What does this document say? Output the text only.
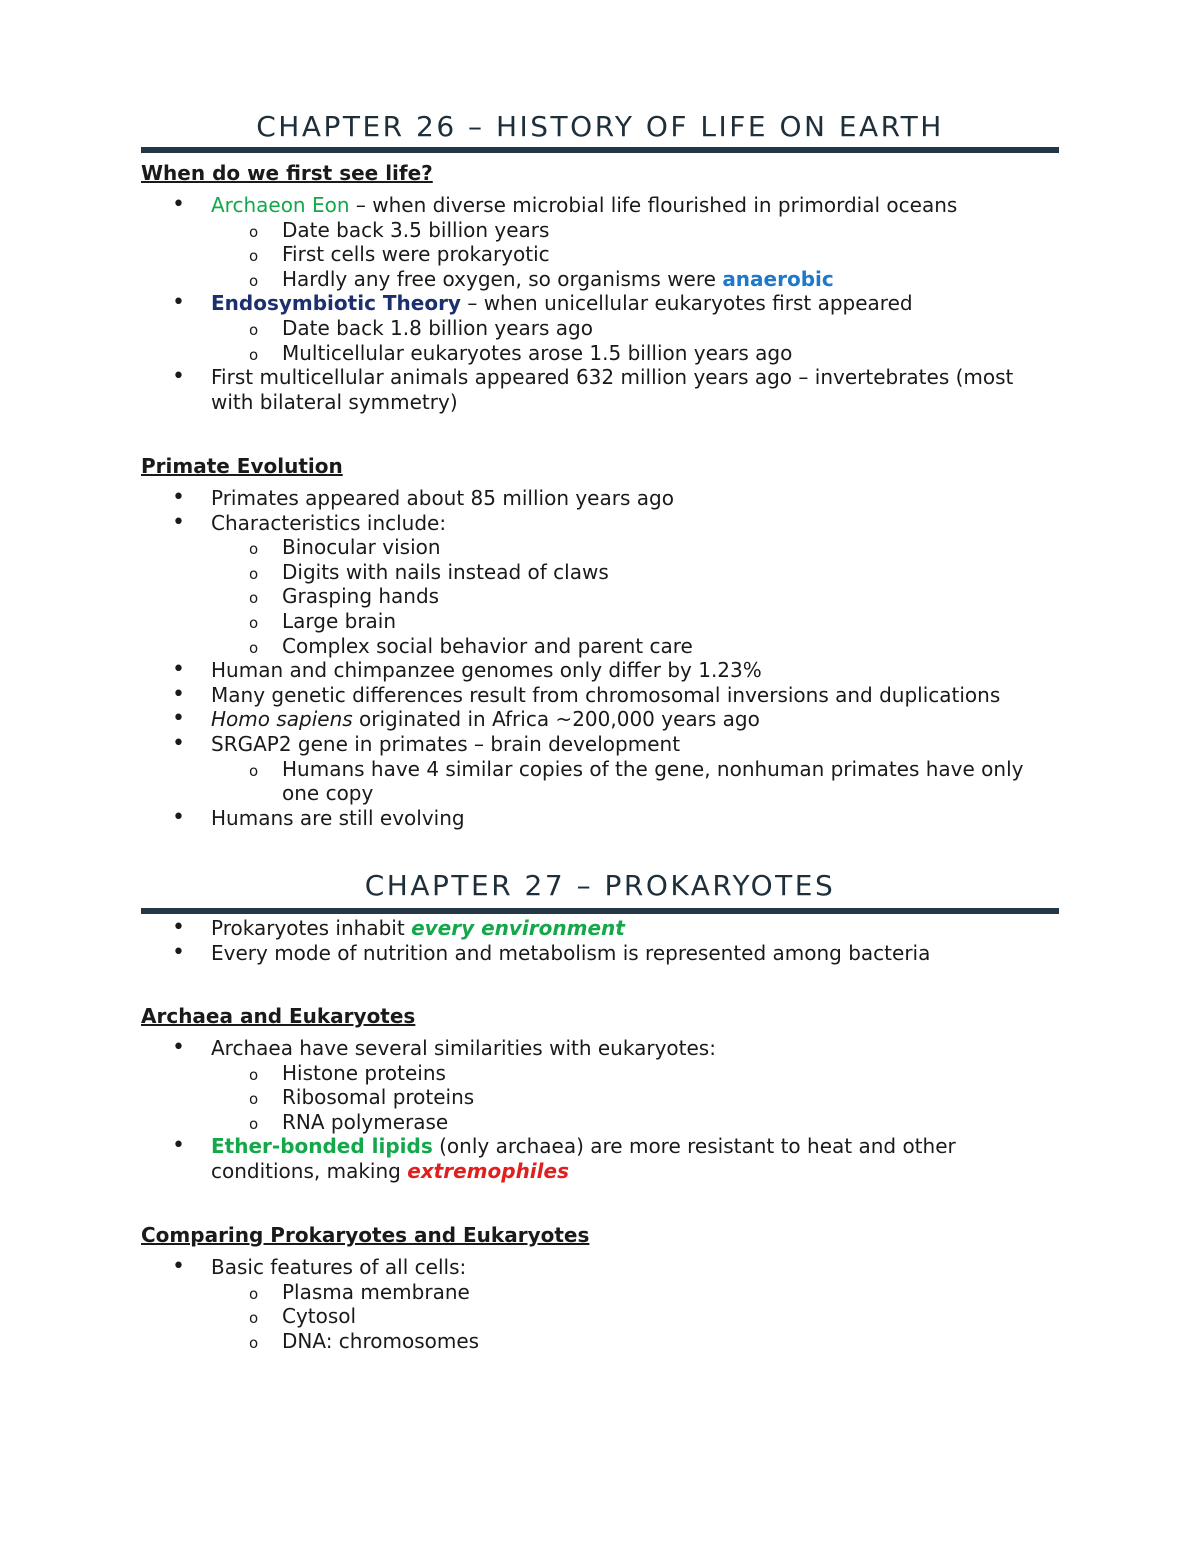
CHAPTER 26 – HISTORY OF LIFE ON EARTH
When do we first see life?
• Archaeon Eon – when diverse microbial life flourished in primordial oceans
o Date back 3.5 billion years
o First cells were prokaryotic
o Hardly any free oxygen, so organisms were anaerobic
• Endosymbiotic Theory – when unicellular eukaryotes first appeared
o Date back 1.8 billion years ago
o Multicellular eukaryotes arose 1.5 billion years ago
• First multicellular animals appeared 632 million years ago – invertebrates (most with bilateral symmetry)
Primate Evolution
• Primates appeared about 85 million years ago
• Characteristics include:
o Binocular vision
o Digits with nails instead of claws
o Grasping hands
o Large brain
o Complex social behavior and parent care
• Human and chimpanzee genomes only differ by 1.23%
• Many genetic differences result from chromosomal inversions and duplications
• Homo sapiens originated in Africa ~200,000 years ago
• SRGAP2 gene in primates – brain development
o Humans have 4 similar copies of the gene, nonhuman primates have only one copy
• Humans are still evolving
CHAPTER 27 – PROKARYOTES
• Prokaryotes inhabit every environment
• Every mode of nutrition and metabolism is represented among bacteria
Archaea and Eukaryotes
• Archaea have several similarities with eukaryotes:
o Histone proteins
o Ribosomal proteins
o RNA polymerase
• Ether-bonded lipids (only archaea) are more resistant to heat and other conditions, making extremophiles
Comparing Prokaryotes and Eukaryotes
• Basic features of all cells:
o Plasma membrane
o Cytosol
o DNA: chromosomes
